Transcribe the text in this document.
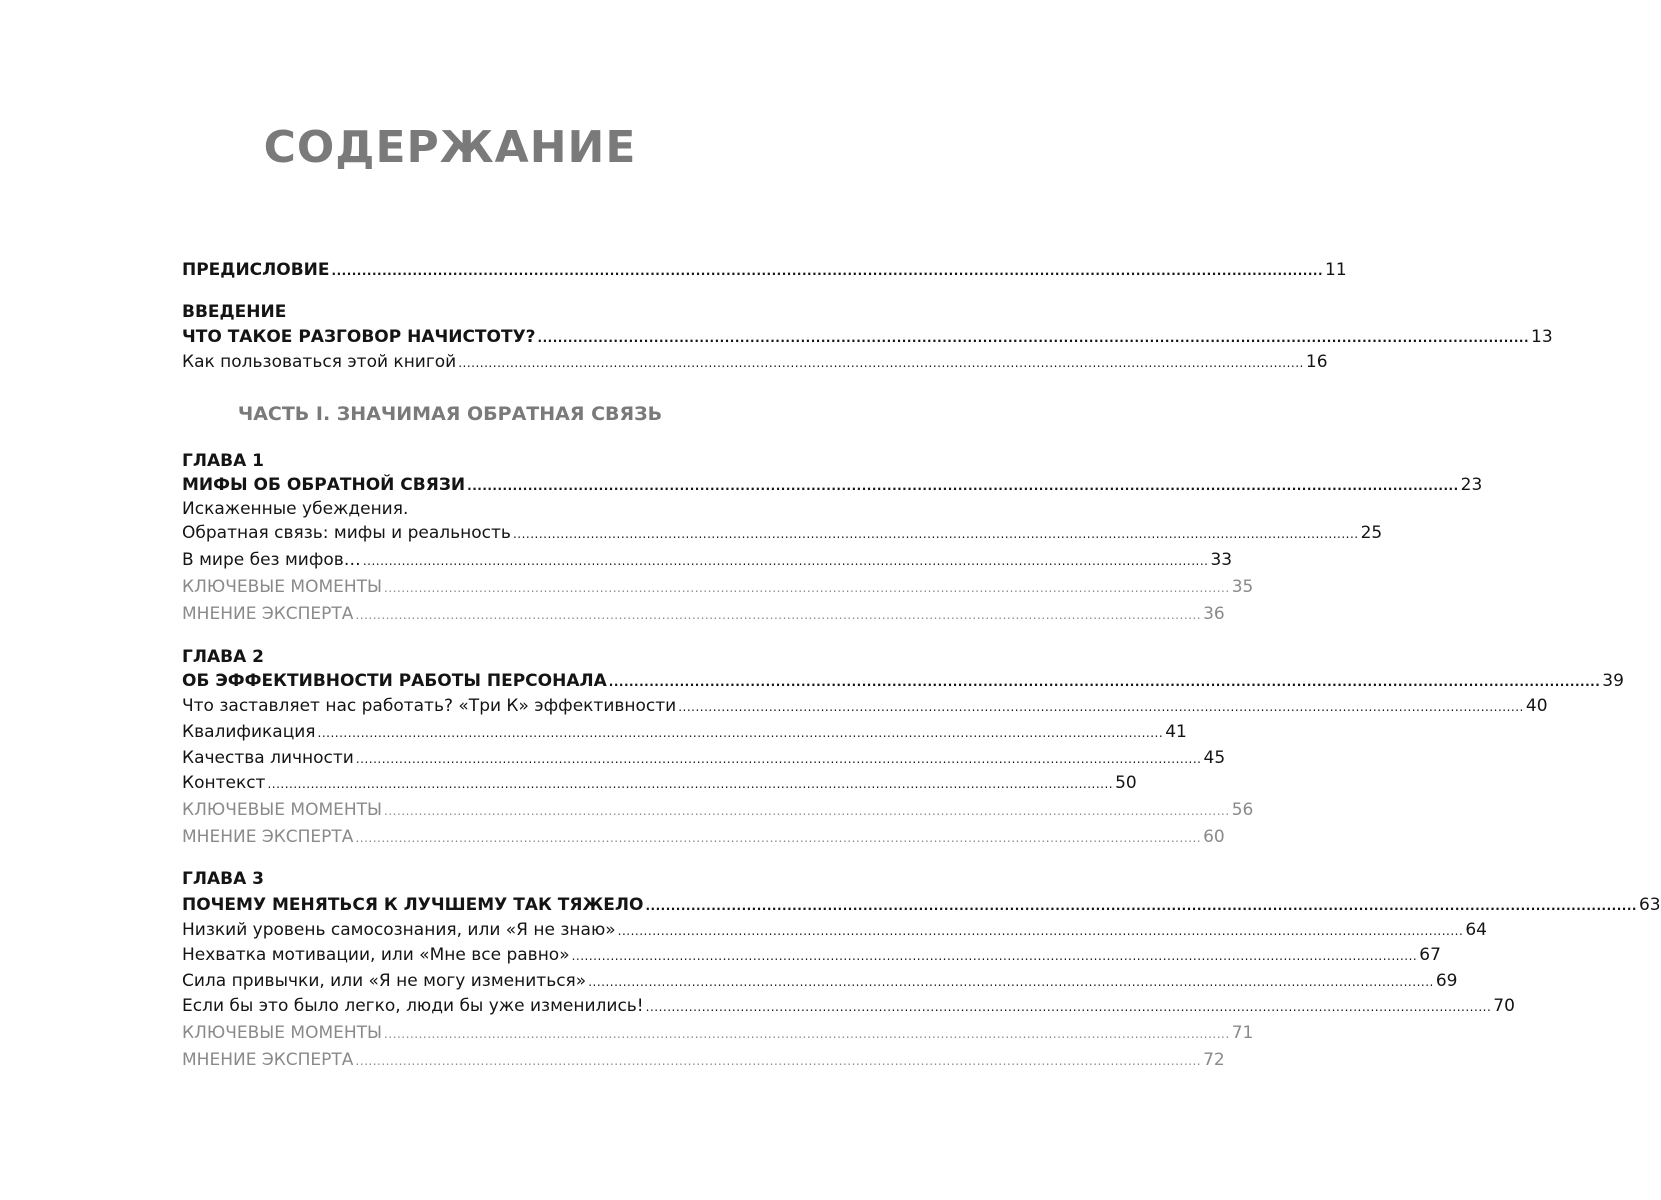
СОДЕРЖАНИЕ
ПРЕДИСЛОВИЕ .................................................................................................................................................................................................... 11
ВВЕДЕНИЕ
ЧТО ТАКОЕ РАЗГОВОР НАЧИСТОТУ? .................................................................................................................................................................................................... 13
Как пользоваться этой книгой .................................................................................................................................................................................................... 16
ЧАСТЬ I. ЗНАЧИМАЯ ОБРАТНАЯ СВЯЗЬ
ГЛАВА 1
МИФЫ ОБ ОБРАТНОЙ СВЯЗИ .................................................................................................................................................................................................... 23
Искаженные убеждения.
Обратная связь: мифы и реальность .................................................................................................................................................................................................... 25
В мире без мифов… .................................................................................................................................................................................................... 33
КЛЮЧЕВЫЕ МОМЕНТЫ .................................................................................................................................................................................................... 35
МНЕНИЕ ЭКСПЕРТА .................................................................................................................................................................................................... 36
ГЛАВА 2
ОБ ЭФФЕКТИВНОСТИ РАБОТЫ ПЕРСОНАЛА .................................................................................................................................................................................................... 39
Что заставляет нас работать? «Три К» эффективности .................................................................................................................................................................................................... 40
Квалификация .................................................................................................................................................................................................... 41
Качества личности .................................................................................................................................................................................................... 45
Контекст .................................................................................................................................................................................................... 50
КЛЮЧЕВЫЕ МОМЕНТЫ .................................................................................................................................................................................................... 56
МНЕНИЕ ЭКСПЕРТА .................................................................................................................................................................................................... 60
ГЛАВА 3
ПОЧЕМУ МЕНЯТЬСЯ К ЛУЧШЕМУ ТАК ТЯЖЕЛО .................................................................................................................................................................................................... 63
Низкий уровень самосознания, или «Я не знаю» .................................................................................................................................................................................................... 64
Нехватка мотивации, или «Мне все равно» .................................................................................................................................................................................................... 67
Сила привычки, или «Я не могу измениться» .................................................................................................................................................................................................... 69
Если бы это было легко, люди бы уже изменились! .................................................................................................................................................................................................... 70
КЛЮЧЕВЫЕ МОМЕНТЫ .................................................................................................................................................................................................... 71
МНЕНИЕ ЭКСПЕРТА .................................................................................................................................................................................................... 72
